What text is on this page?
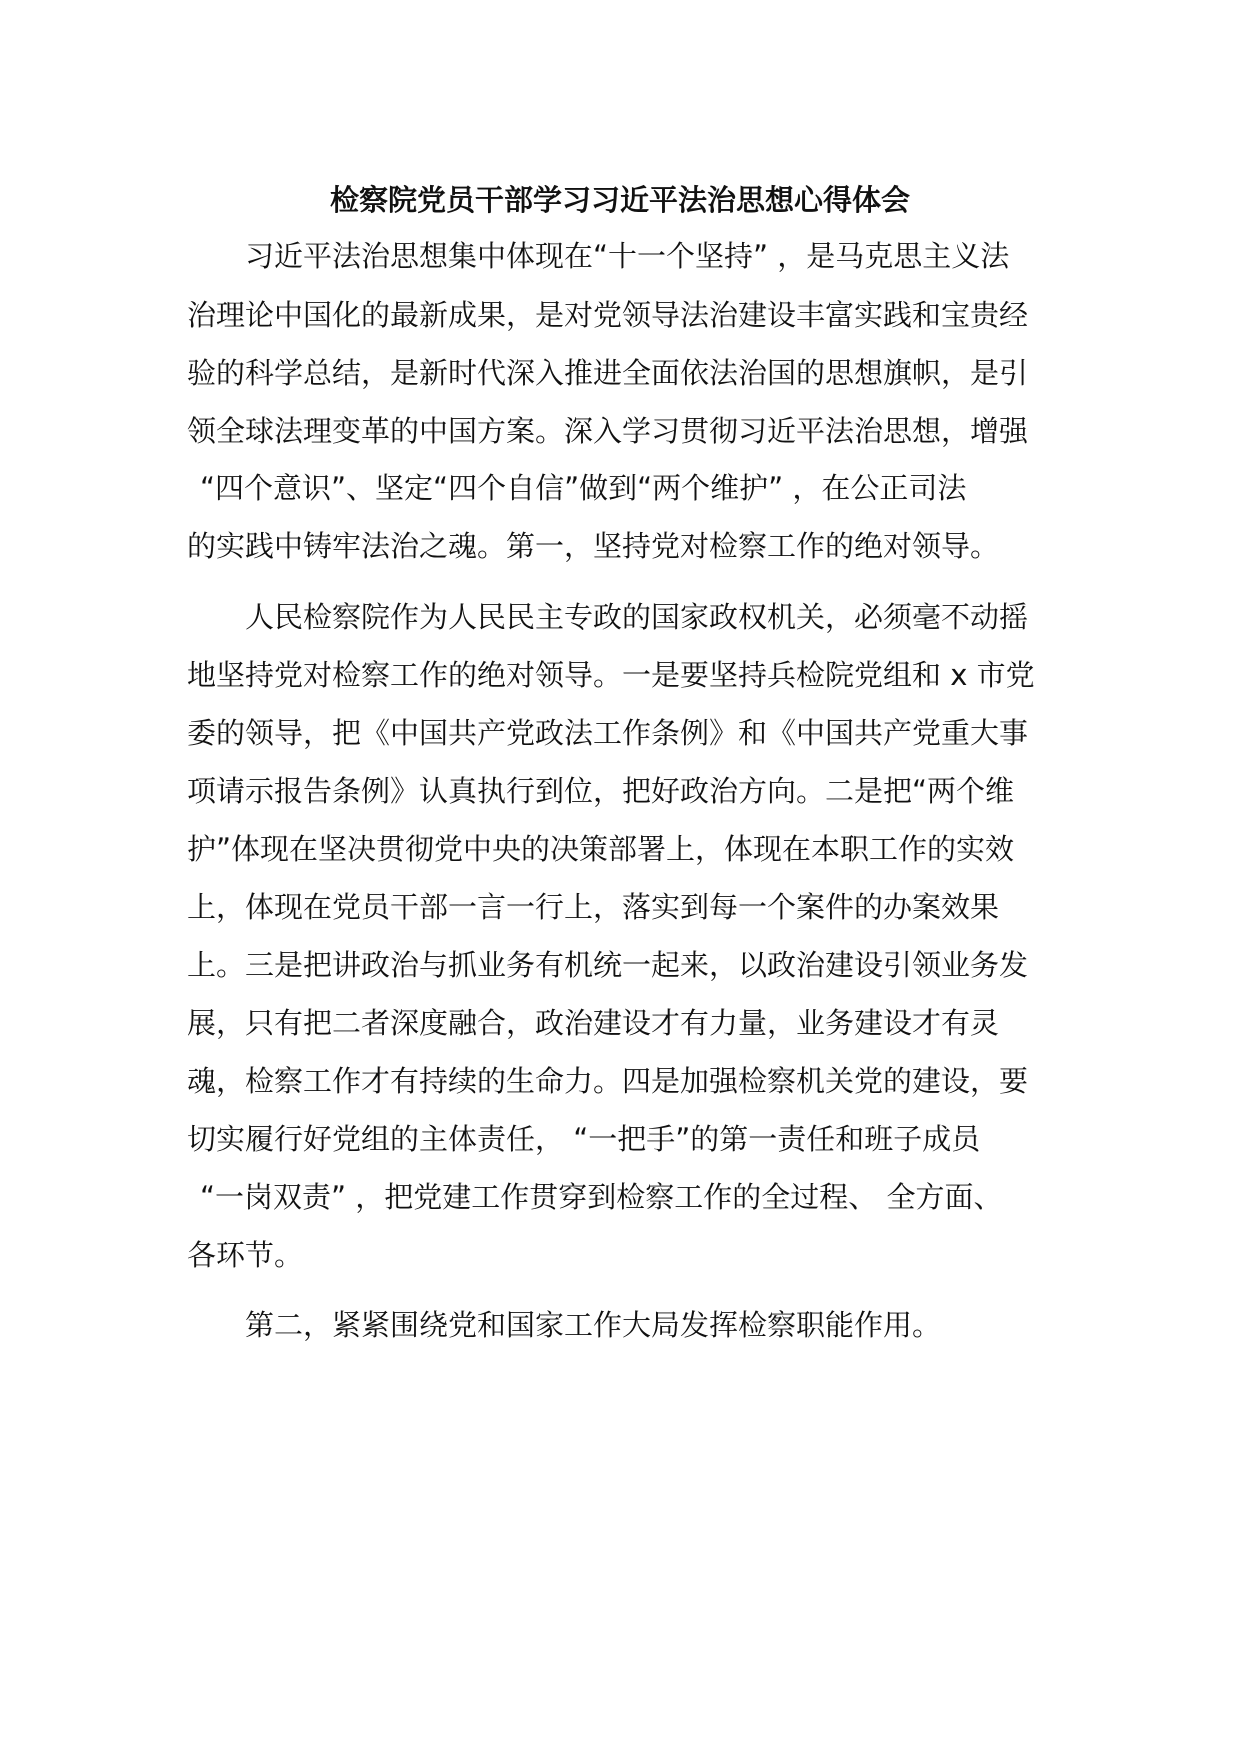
检察院党员干部学习习近平法治思想心得体会
习近平法治思想集中体现在“十一个坚持” ，是马克思主义法
治理论中国化的最新成果，是对党领导法治建设丰富实践和宝贵经
验的科学总结，是新时代深入推进全面依法治国的思想旗帜，是引
领全球法理变革的中国方案。深入学习贯彻习近平法治思想，增强
“四个意识”、坚定“四个自信”做到“两个维护” ，在公正司法
的实践中铸牢法治之魂。第一，坚持党对检察工作的绝对领导。
人民检察院作为人民民主专政的国家政权机关，必须毫不动摇
地坚持党对检察工作的绝对领导。一是要坚持兵检院党组和 x 市党
委的领导，把《中国共产党政法工作条例》和《中国共产党重大事
项请示报告条例》认真执行到位，把好政治方向。二是把“两个维
护”体现在坚决贯彻党中央的决策部署上，体现在本职工作的实效
上，体现在党员干部一言一行上，落实到每一个案件的办案效果
上。三是把讲政治与抓业务有机统一起来，以政治建设引领业务发
展，只有把二者深度融合，政治建设才有力量，业务建设才有灵
魂，检察工作才有持续的生命力。四是加强检察机关党的建设，要
切实履行好党组的主体责任， “一把手”的第一责任和班子成员
“一岗双责” ，把党建工作贯穿到检察工作的全过程、 全方面、
各环节。
第二，紧紧围绕党和国家工作大局发挥检察职能作用。
